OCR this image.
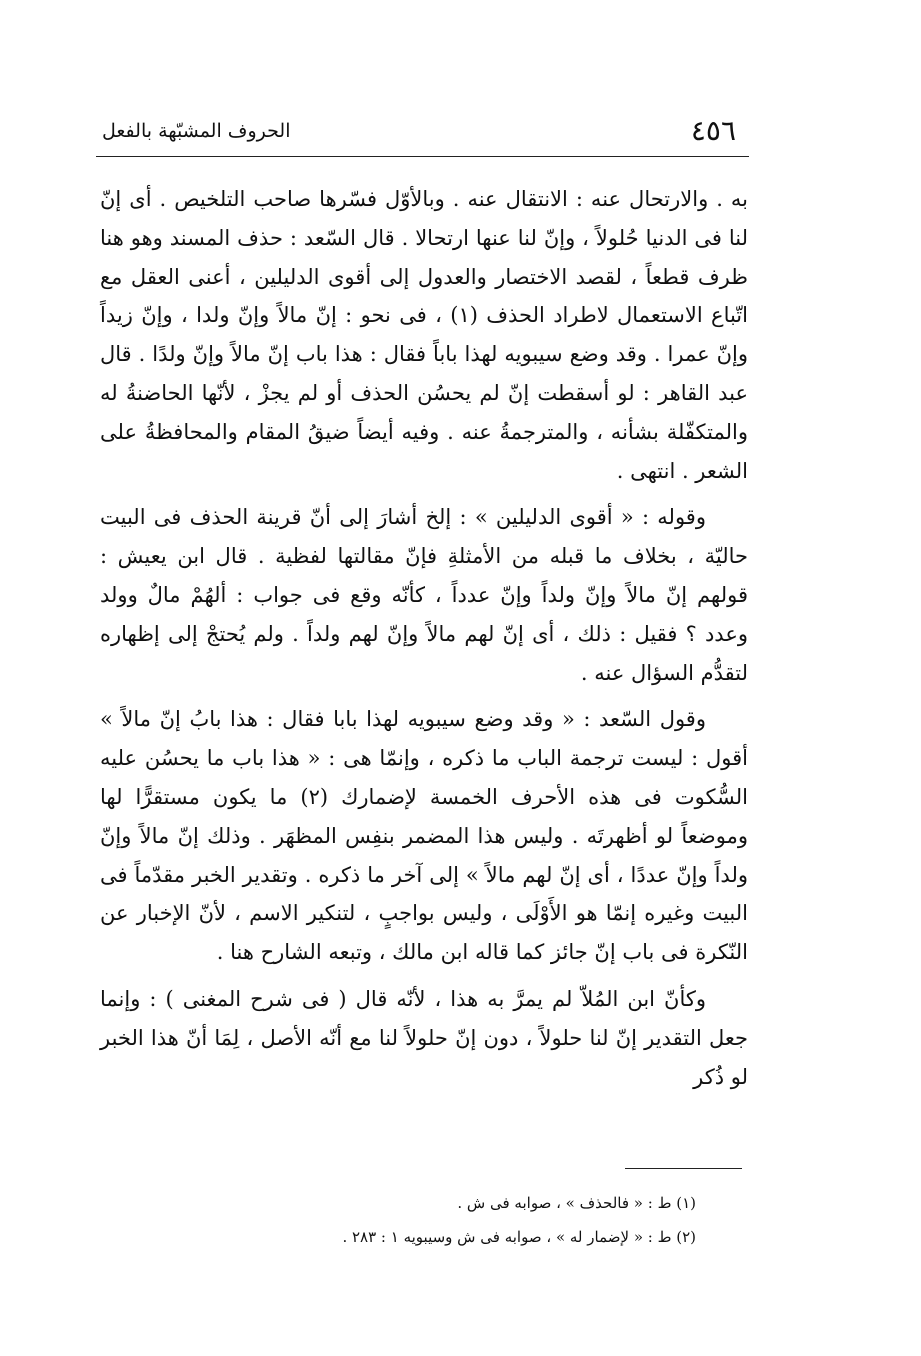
٤٥٦
الحروف المشبّهة بالفعل

به . والارتحال عنه : الانتقال عنه . وبالأوّل فسّرها صاحب التلخيص . أى إنّ لنا فى الدنيا حُلولاً ، وإنّ لنا عنها ارتحالا . قال السّعد : حذف المسند وهو هنا ظرف قطعاً ، لقصد الاختصار والعدول إلى أقوى الدليلين ، أعنى العقل مع اتّباع الاستعمال لاطراد الحذف (١) ، فى نحو : إنّ مالاً وإنّ ولدا ، وإنّ زيداً وإنّ عمرا . وقد وضع سيبويه لهذا باباً فقال : هذا باب إنّ مالاً وإنّ ولدًا . قال عبد القاهر : لو أسقطت إنّ لم يحسُن الحذف أو لم يجزْ ، لأنّها الحاضنةُ له والمتكفّلة بشأنه ، والمترجمةُ عنه . وفيه أيضاً ضيقُ المقام والمحافظةُ على الشعر . انتهى .

وقوله : « أقوى الدليلين » : إلخ أشارَ إلى أنّ قرينة الحذف فى البيت حاليّة ، بخلاف ما قبله من الأمثلةِ فإنّ مقالتها لفظية . قال ابن يعيش : قولهم إنّ مالاً وإنّ ولداً وإنّ عدداً ، كأنّه وقع فى جواب : ألهُمْ مالٌ وولد وعدد ؟ فقيل : ذلك ، أى إنّ لهم مالاً وإنّ لهم ولداً . ولم يُحتجْ إلى إظهاره لتقدُّم السؤال عنه .

وقول السّعد : « وقد وضع سيبويه لهذا بابا فقال : هذا بابُ إنّ مالاً » أقول : ليست ترجمة الباب ما ذكره ، وإنمّا هى : « هذا باب ما يحسُن عليه السُّكوت فى هذه الأحرف الخمسة لإضمارك (٢) ما يكون مستقرًّا لها وموضعاً لو أظهرتَه . وليس هذا المضمر بنفِس المظهَر . وذلك إنّ مالاً وإنّ ولداً وإنّ عددًا ، أى إنّ لهم مالاً » إلى آخر ما ذكره . وتقدير الخبر مقدّماً فى البيت وغيره إنمّا هو الأَوْلَى ، وليس بواجبٍ ، لتنكير الاسم ، لأنّ الإخبار عن النّكرة فى باب إنّ جائز كما قاله ابن مالك ، وتبعه الشارح هنا .

وكأنّ ابن المُلاّ لم يمرَّ به هذا ، لأنّه قال ( فى شرح المغنى ) : وإنما جعل التقدير إنّ لنا حلولاً ، دون إنّ حلولاً لنا مع أنّه الأصل ، لِمَا أنّ هذا الخبر لو ذُكر

(١) ط : « فالحذف » ، صوابه فى ش .

(٢) ط : « لإضمار له » ، صوابه فى ش وسيبويه ١ : ٢٨٣ .
